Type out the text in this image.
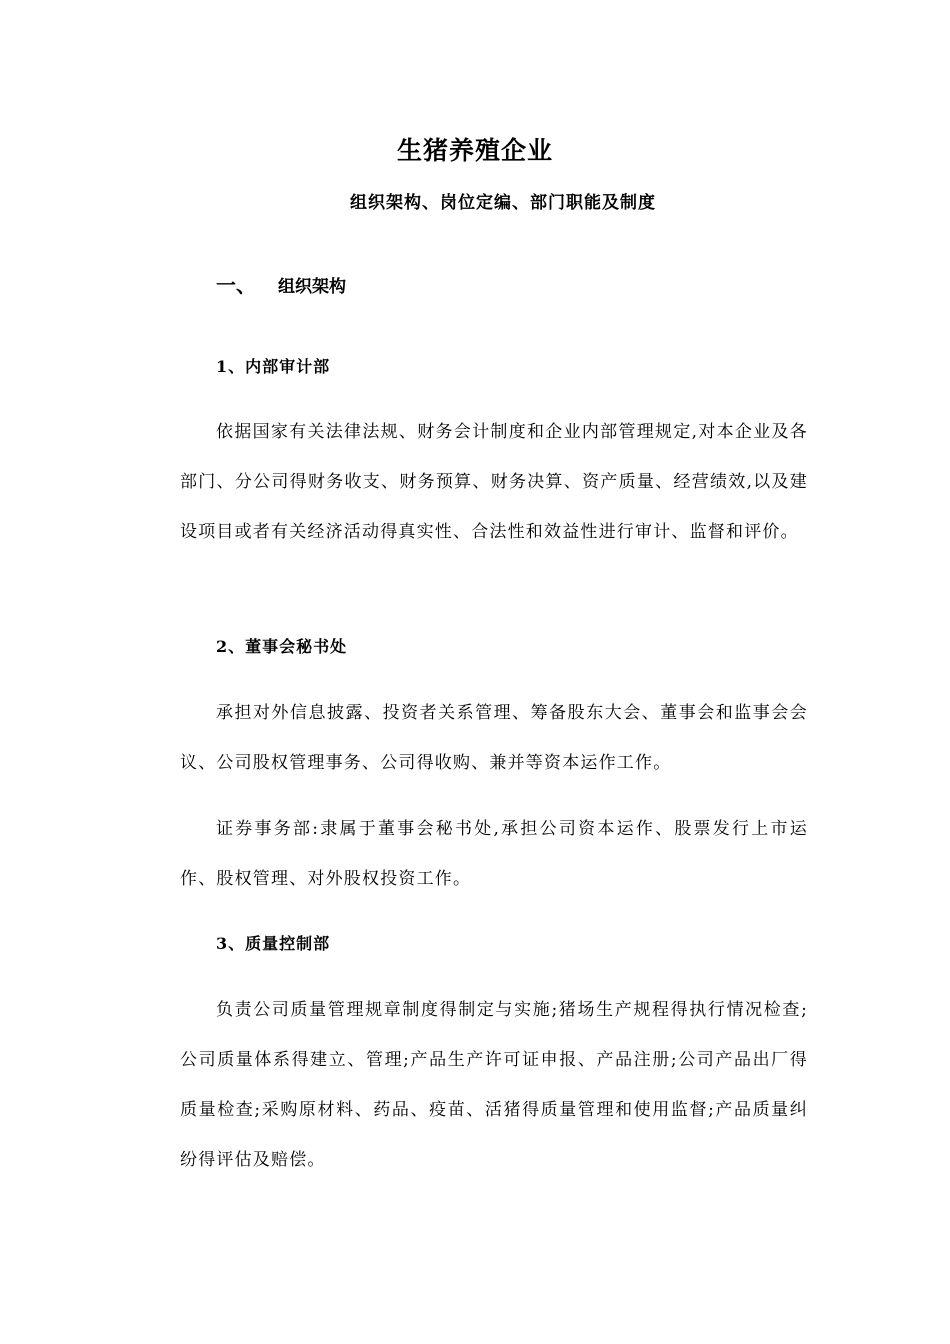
生猪养殖企业
组织架构、岗位定编、部门职能及制度
一、 组织架构
1、内部审计部
依据国家有关法律法规、财务会计制度和企业内部管理规定,对本企业及各部门、分公司得财务收支、财务预算、财务决算、资产质量、经营绩效,以及建设项目或者有关经济活动得真实性、合法性和效益性进行审计、监督和评价。
2、董事会秘书处
承担对外信息披露、投资者关系管理、筹备股东大会、董事会和监事会会议、公司股权管理事务、公司得收购、兼并等资本运作工作。
证券事务部:隶属于董事会秘书处,承担公司资本运作、股票发行上市运作、股权管理、对外股权投资工作。
3、质量控制部
负责公司质量管理规章制度得制定与实施;猪场生产规程得执行情况检查;公司质量体系得建立、管理;产品生产许可证申报、产品注册;公司产品出厂得质量检查;采购原材料、药品、疫苗、活猪得质量管理和使用监督;产品质量纠纷得评估及赔偿。
